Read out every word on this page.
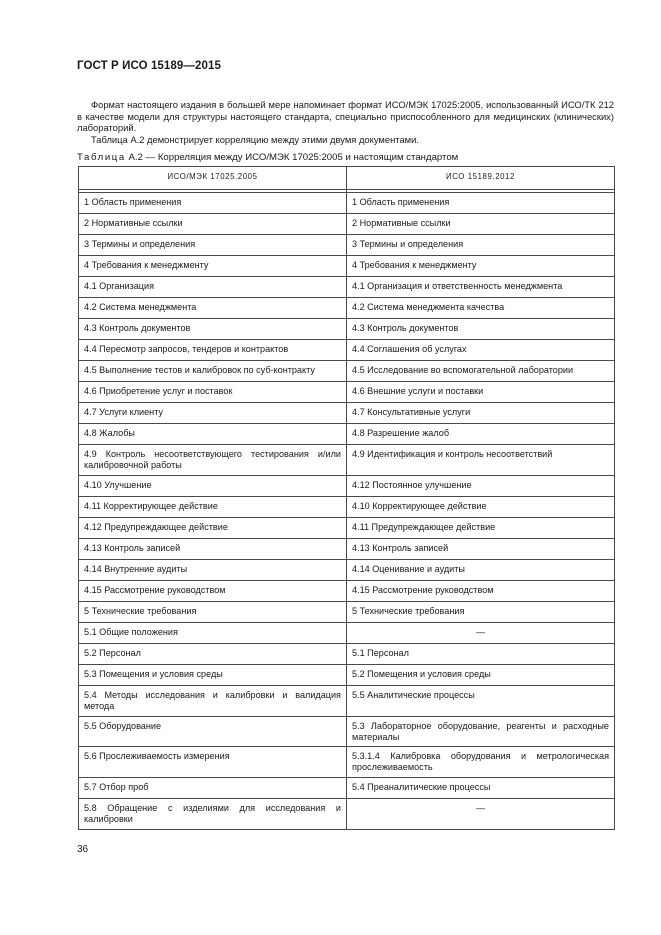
ГОСТ Р ИСО 15189—2015
Формат настоящего издания в большей мере напоминает формат ИСО/МЭК 17025:2005, использованный ИСО/ТК 212 в качестве модели для структуры настоящего стандарта, специально приспособленного для медицинских (клинических) лабораторий.
Таблица А.2 демонстрирует корреляцию между этими двумя документами.
Таблица А.2 — Корреляция между ИСО/МЭК 17025:2005 и настоящим стандартом
ИСО/МЭК 17025.2005	ИСО 15189.2012

1 Область применения	1 Область применения
2 Нормативные ссылки	2 Нормативные ссылки
3 Термины и определения	3 Термины и определения
4 Требования к менеджменту	4 Требования к менеджменту
4.1 Организация	4.1 Организация и ответственность менеджмента
4.2 Система менеджмента	4.2 Система менеджмента качества
4.3 Контроль документов	4.3 Контроль документов
4.4 Пересмотр запросов, тендеров и контрактов	4.4 Соглашения об услугах
4.5 Выполнение тестов и калибровок по суб-контракту	4.5 Исследование во вспомогательной лаборатории
4.6 Приобретение услуг и поставок	4.6 Внешние услуги и поставки
4.7 Услуги клиенту	4.7 Консультативные услуги
4.8 Жалобы	4.8 Разрешение жалоб
4.9 Контроль несоответствующего тестирования и/или калибровочной работы	4.9 Идентификация и контроль несоответствий
4.10 Улучшение	4.12 Постоянное улучшение
4.11 Корректирующее действие	4.10 Корректирующее действие
4.12 Предупреждающее действие	4.11 Предупреждающее действие
4.13 Контроль записей	4.13 Контроль записей
4.14 Внутренние аудиты	4.14 Оценивание и аудиты
4.15 Рассмотрение руководством	4.15 Рассмотрение руководством
5 Технические требования	5 Технические требования
5.1 Общие положения	—
5.2 Персонал	5.1 Персонал
5.3 Помещения и условия среды	5.2 Помещения и условия среды
5.4 Методы исследования и калибровки и валидация метода	5.5 Аналитические процессы
5.5 Оборудование	5.3 Лабораторное оборудование, реагенты и расходные материалы
5.6 Прослеживаемость измерения	5.3.1.4 Калибровка оборудования и метрологическая прослеживаемость
5.7 Отбор проб	5.4 Преаналитические процессы
5.8 Обращение с изделиями для исследования и калибровки	—
36
